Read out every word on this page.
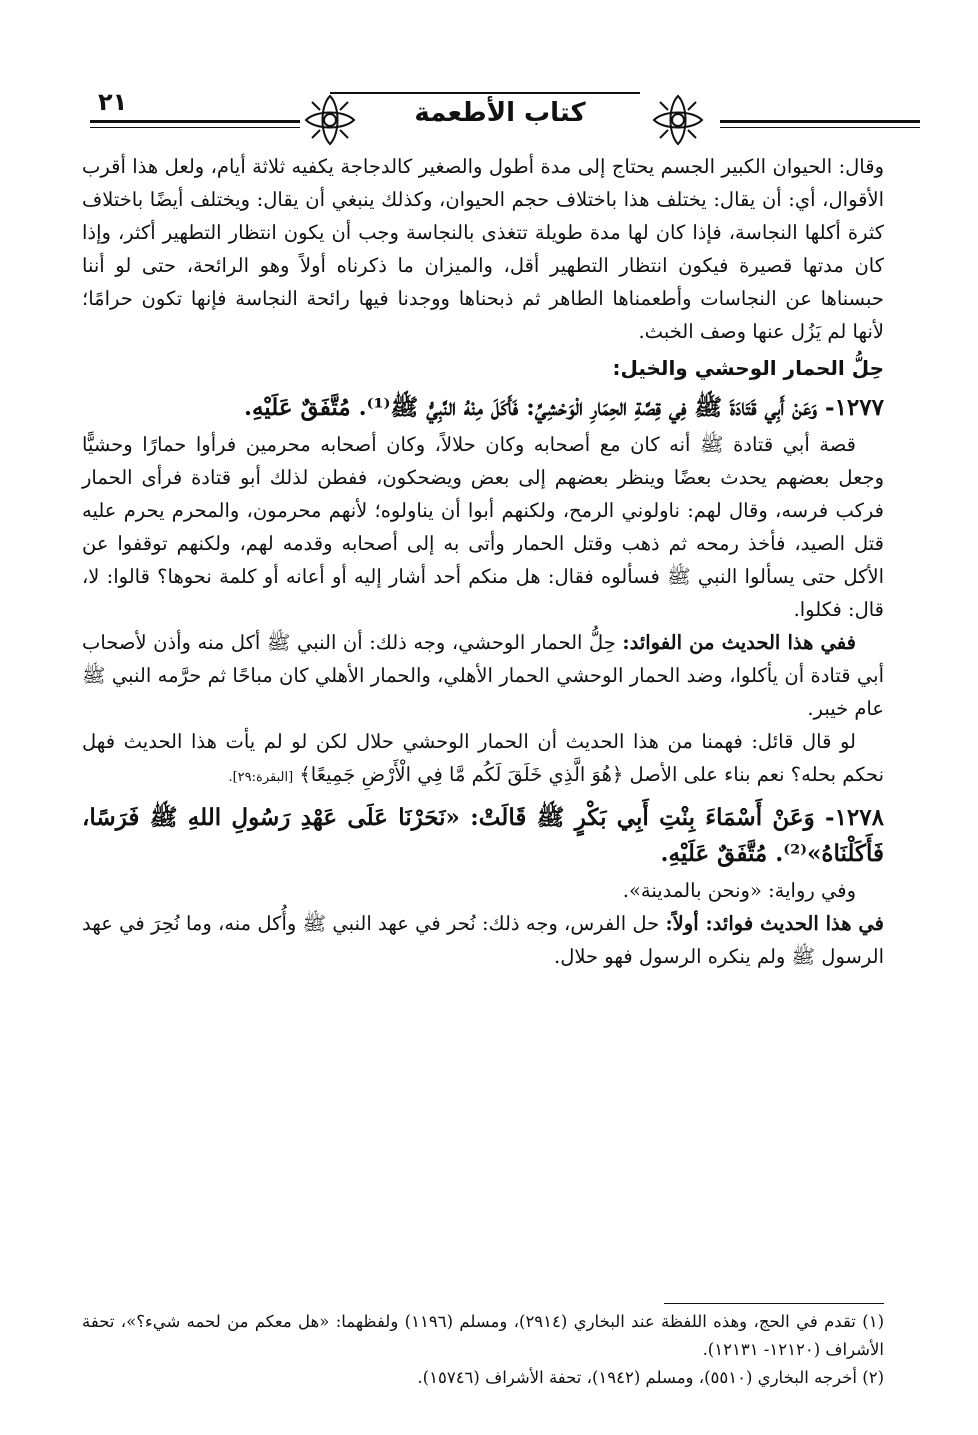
٢١	كتاب الأطعمة

وقال: الحيوان الكبير الجسم يحتاج إلى مدة أطول والصغير كالدجاجة يكفيه ثلاثة أيام، ولعل هذا أقرب الأقوال، أي: أن يقال: يختلف هذا باختلاف حجم الحيوان، وكذلك ينبغي أن يقال: ويختلف أيضًا باختلاف كثرة أكلها النجاسة، فإذا كان لها مدة طويلة تتغذى بالنجاسة وجب أن يكون انتظار التطهير أكثر، وإذا كان مدتها قصيرة فيكون انتظار التطهير أقل، والميزان ما ذكرناه أولاً وهو الرائحة، حتى لو أننا حبسناها عن النجاسات وأطعمناها الطاهر ثم ذبحناها ووجدنا فيها رائحة النجاسة فإنها تكون حرامًا؛ لأنها لم يَزُل عنها وصف الخبث.

حِلُّ الحمار الوحشي والخيل:

١٢٧٧- وَعَنْ أَبِي قَتَادَةَ ﷺ فِي قِصَّةِ الحِمَارِ الْوَحْشِيِّ: فَأَكَلَ مِنْهُ النَّبِيُّ ﷺ⁽¹⁾. مُتَّفَقٌ عَلَيْهِ.

قصة أبي قتادة ﷺ أنه كان مع أصحابه وكان حلالاً، وكان أصحابه محرمين فرأوا حمارًا وحشيًّا وجعل بعضهم يحدث بعضًا وينظر بعضهم إلى بعض ويضحكون، ففطن لذلك أبو قتادة فرأى الحمار فركب فرسه، وقال لهم: ناولوني الرمح، ولكنهم أبوا أن يناولوه؛ لأنهم محرمون، والمحرم يحرم عليه قتل الصيد، فأخذ رمحه ثم ذهب وقتل الحمار وأتى به إلى أصحابه وقدمه لهم، ولكنهم توقفوا عن الأكل حتى يسألوا النبي ﷺ فسألوه فقال: هل منكم أحد أشار إليه أو أعانه أو كلمة نحوها؟ قالوا: لا، قال: فكلوا.

ففي هذا الحديث من الفوائد: حِلُّ الحمار الوحشي، وجه ذلك: أن النبي ﷺ أكل منه وأذن لأصحاب أبي قتادة أن يأكلوا، وضد الحمار الوحشي الحمار الأهلي، والحمار الأهلي كان مباحًا ثم حرَّمه النبي ﷺ عام خيبر.

لو قال قائل: فهمنا من هذا الحديث أن الحمار الوحشي حلال لكن لو لم يأت هذا الحديث فهل نحكم بحله؟ نعم بناء على الأصل ﴿هُوَ الَّذِي خَلَقَ لَكُم مَّا فِي الْأَرْضِ جَمِيعًا﴾ [البقرة:٢٩].

١٢٧٨- وَعَنْ أَسْمَاءَ بِنْتِ أَبِي بَكْرٍ ﷺ قَالَتْ: «نَحَرْنَا عَلَى عَهْدِ رَسُولِ اللهِ ﷺ فَرَسًا، فَأَكَلْنَاهُ»⁽²⁾. مُتَّفَقٌ عَلَيْهِ.

وفي رواية: «ونحن بالمدينة».

في هذا الحديث فوائد: أولاً: حل الفرس، وجه ذلك: نُحر في عهد النبي ﷺ وأُكل منه، وما نُحِرَ في عهد الرسول ﷺ ولم ينكره الرسول فهو حلال.

(١) تقدم في الحج، وهذه اللفظة عند البخاري (٢٩١٤)، ومسلم (١١٩٦) ولفظهما: «هل معكم من لحمه شيء؟»، تحفة الأشراف (١٢١٢٠- ١٢١٣١).

(٢) أخرجه البخاري (٥٥١٠)، ومسلم (١٩٤٢)، تحفة الأشراف (١٥٧٤٦).
